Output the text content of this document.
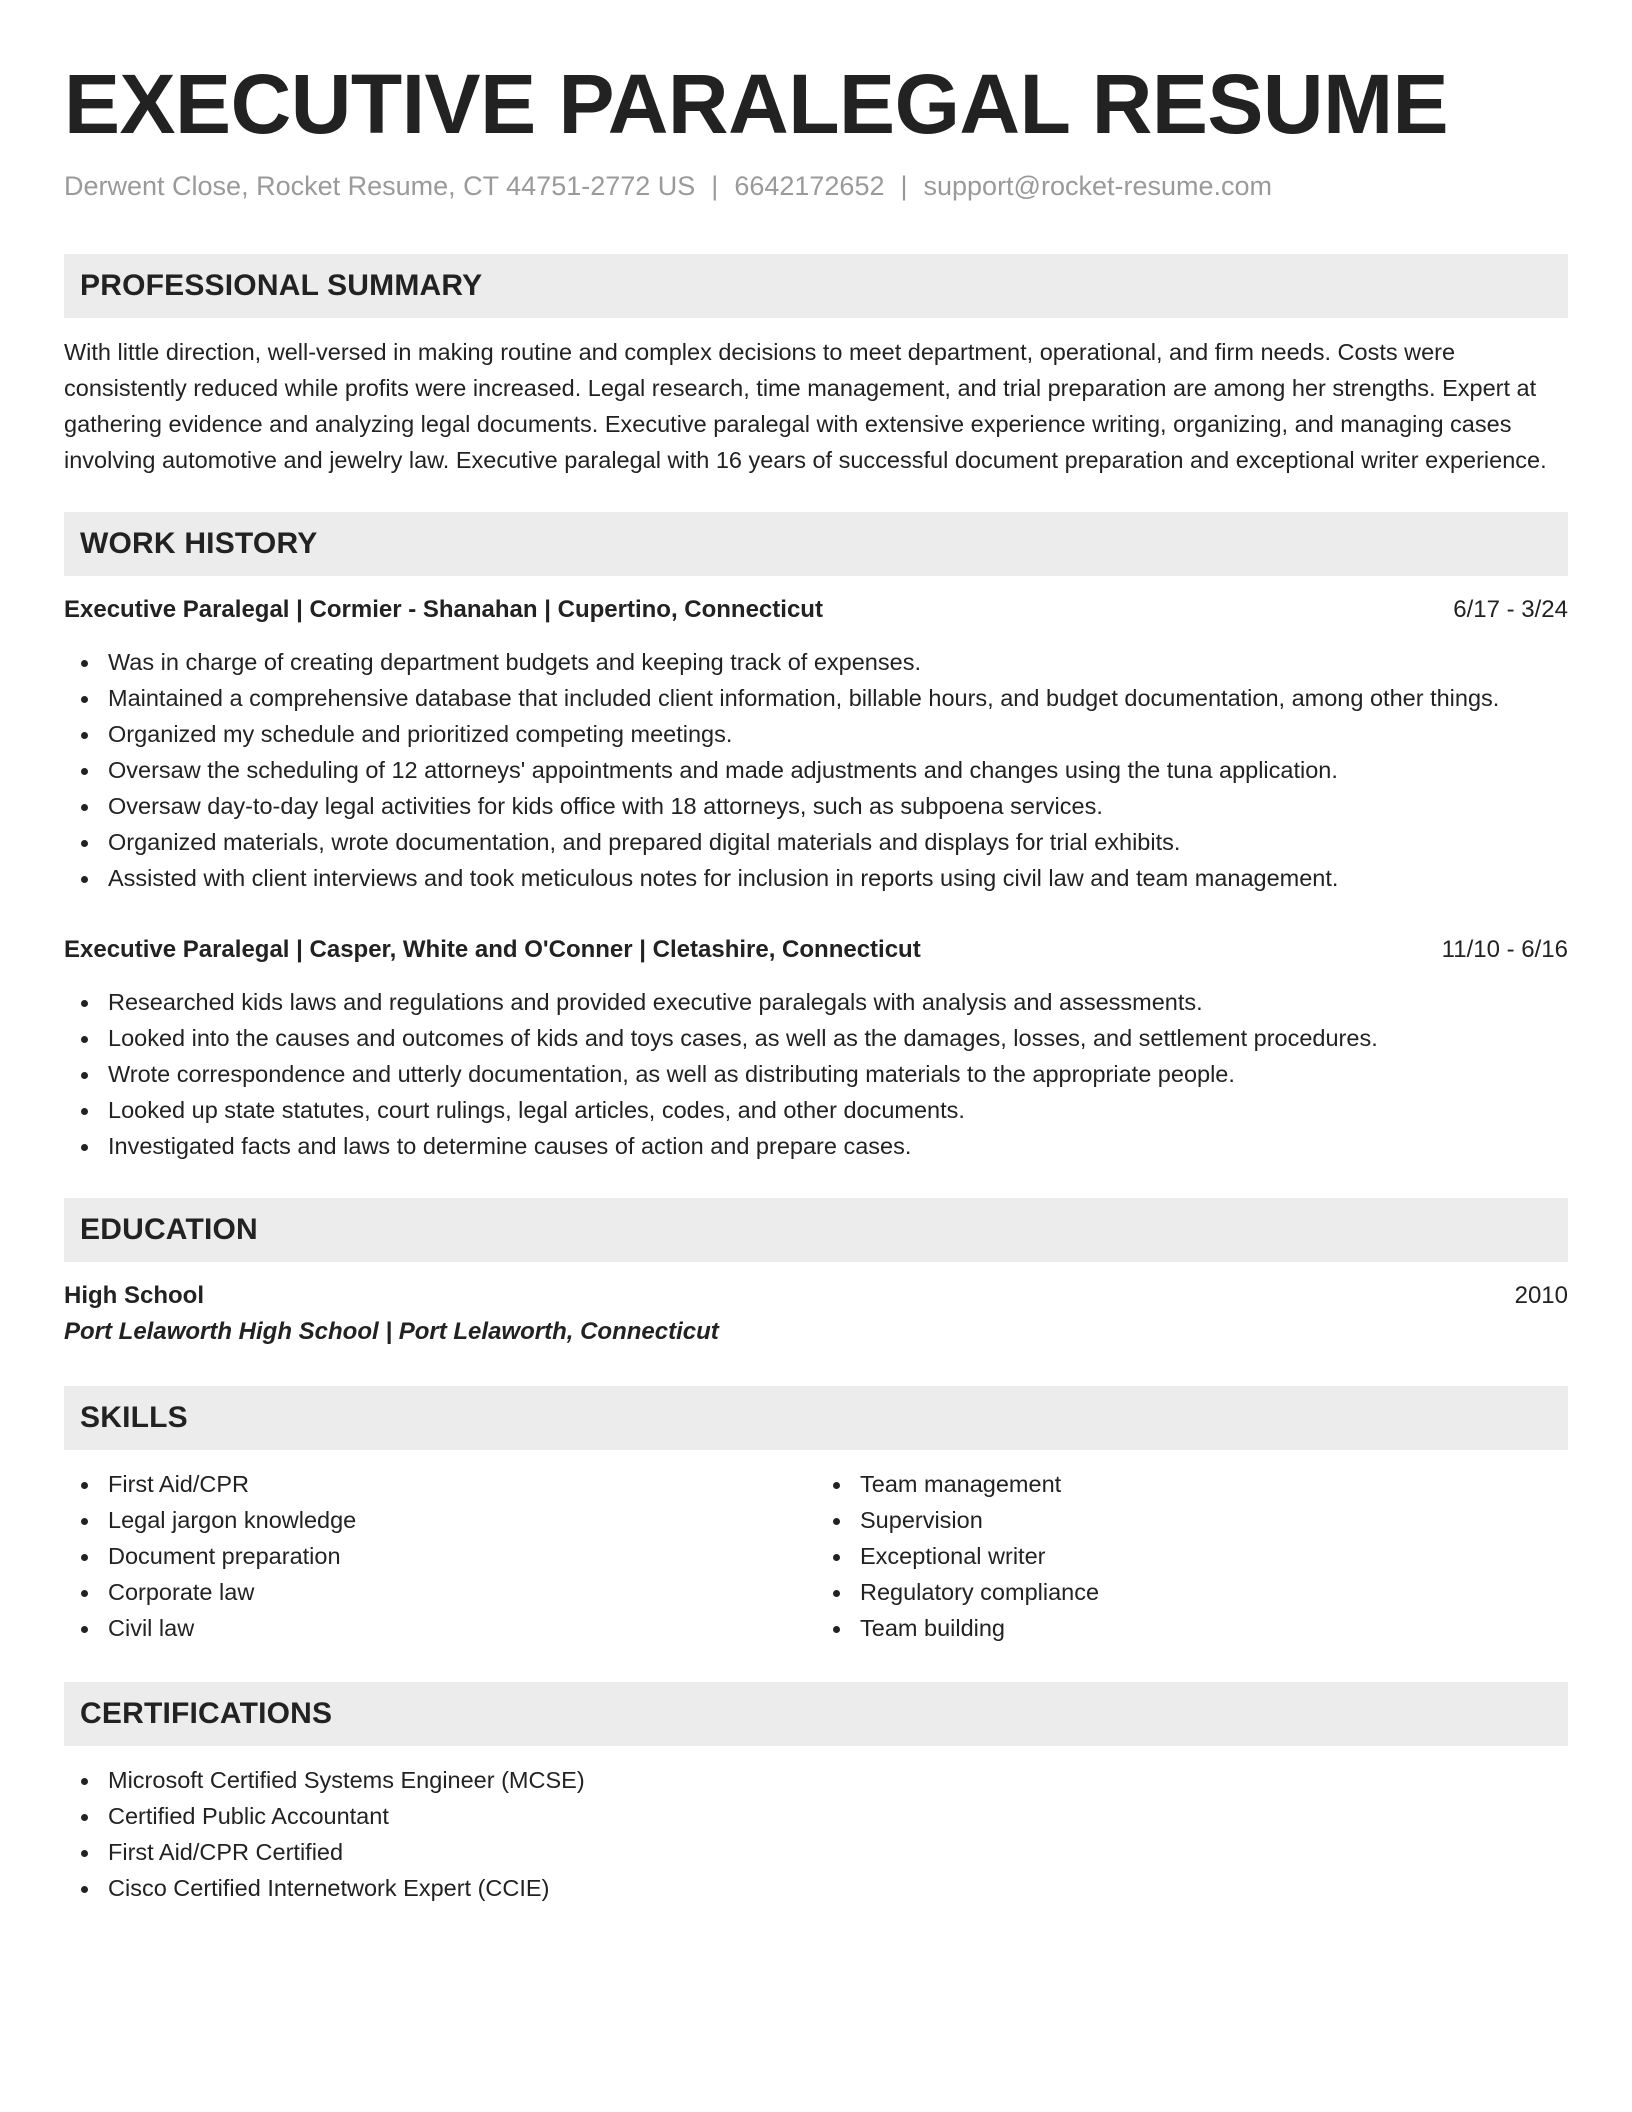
EXECUTIVE PARALEGAL RESUME
Derwent Close, Rocket Resume, CT 44751-2772 US | 6642172652 | support@rocket-resume.com
PROFESSIONAL SUMMARY

With little direction, well-versed in making routine and complex decisions to meet department, operational, and firm needs. Costs were consistently reduced while profits were increased. Legal research, time management, and trial preparation are among her strengths. Expert at gathering evidence and analyzing legal documents. Executive paralegal with extensive experience writing, organizing, and managing cases involving automotive and jewelry law. Executive paralegal with 16 years of successful document preparation and exceptional writer experience.

WORK HISTORY
Executive Paralegal | Cormier - Shanahan | Cupertino, Connecticut	6/17 - 3/24
Was in charge of creating department budgets and keeping track of expenses.
Maintained a comprehensive database that included client information, billable hours, and budget documentation, among other things.
Organized my schedule and prioritized competing meetings.
Oversaw the scheduling of 12 attorneys' appointments and made adjustments and changes using the tuna application.
Oversaw day-to-day legal activities for kids office with 18 attorneys, such as subpoena services.
Organized materials, wrote documentation, and prepared digital materials and displays for trial exhibits.
Assisted with client interviews and took meticulous notes for inclusion in reports using civil law and team management.
Executive Paralegal | Casper, White and O'Conner | Cletashire, Connecticut	11/10 - 6/16
Researched kids laws and regulations and provided executive paralegals with analysis and assessments.
Looked into the causes and outcomes of kids and toys cases, as well as the damages, losses, and settlement procedures.
Wrote correspondence and utterly documentation, as well as distributing materials to the appropriate people.
Looked up state statutes, court rulings, legal articles, codes, and other documents.
Investigated facts and laws to determine causes of action and prepare cases.
EDUCATION
High School	2010
Port Lelaworth High School | Port Lelaworth, Connecticut
SKILLS
First Aid/CPR
Legal jargon knowledge
Document preparation
Corporate law
Civil law
Team management
Supervision
Exceptional writer
Regulatory compliance
Team building
CERTIFICATIONS
Microsoft Certified Systems Engineer (MCSE)
Certified Public Accountant
First Aid/CPR Certified
Cisco Certified Internetwork Expert (CCIE)
